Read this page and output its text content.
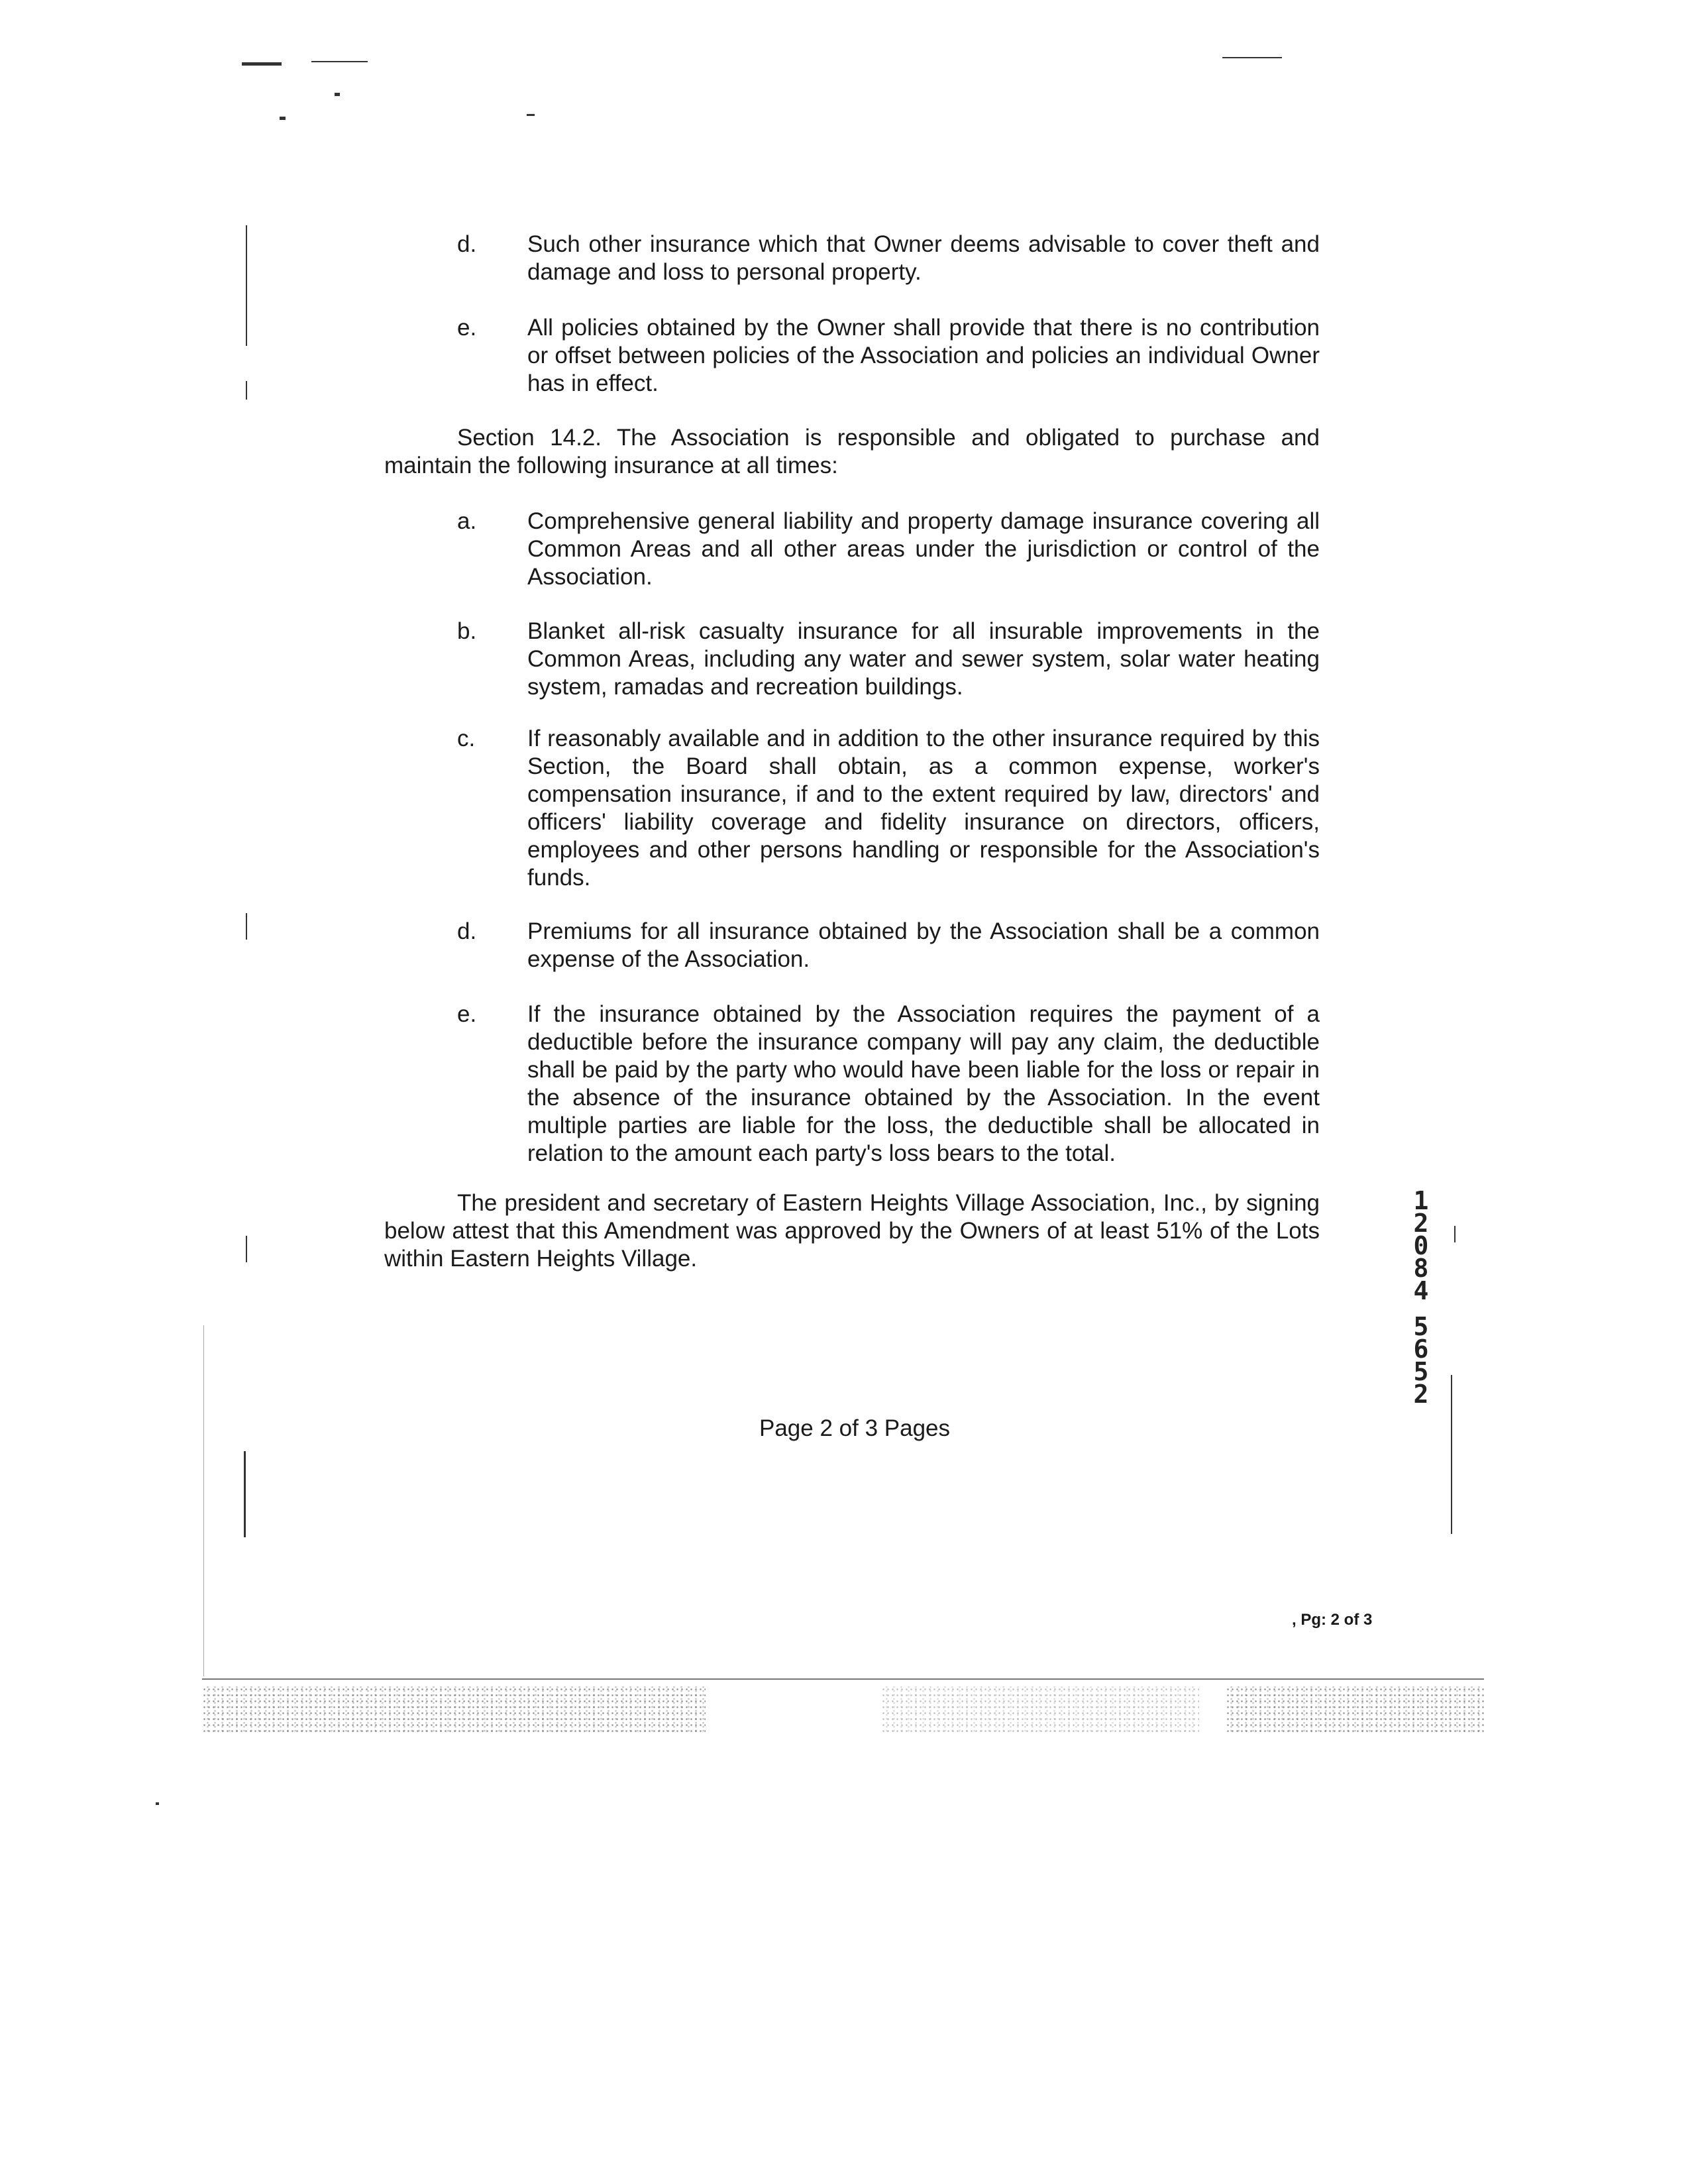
d. Such other insurance which that Owner deems advisable to cover theft and damage and loss to personal property.
e. All policies obtained by the Owner shall provide that there is no contribution or offset between policies of the Association and policies an individual Owner has in effect.
Section 14.2. The Association is responsible and obligated to purchase and maintain the following insurance at all times:
a. Comprehensive general liability and property damage insurance covering all Common Areas and all other areas under the jurisdiction or control of the Association.
b. Blanket all-risk casualty insurance for all insurable improvements in the Common Areas, including any water and sewer system, solar water heating system, ramadas and recreation buildings.
c. If reasonably available and in addition to the other insurance required by this Section, the Board shall obtain, as a common expense, worker's compensation insurance, if and to the extent required by law, directors' and officers' liability coverage and fidelity insurance on directors, officers, employees and other persons handling or responsible for the Association's funds.
d. Premiums for all insurance obtained by the Association shall be a common expense of the Association.
e. If the insurance obtained by the Association requires the payment of a deductible before the insurance company will pay any claim, the deductible shall be paid by the party who would have been liable for the loss or repair in the absence of the insurance obtained by the Association. In the event multiple parties are liable for the loss, the deductible shall be allocated in relation to the amount each party's loss bears to the total.
The president and secretary of Eastern Heights Village Association, Inc., by signing below attest that this Amendment was approved by the Owners of at least 51% of the Lots within Eastern Heights Village.
1
2
0
8
4
5
6
5
2
Page 2 of 3 Pages
, Pg: 2 of 3
